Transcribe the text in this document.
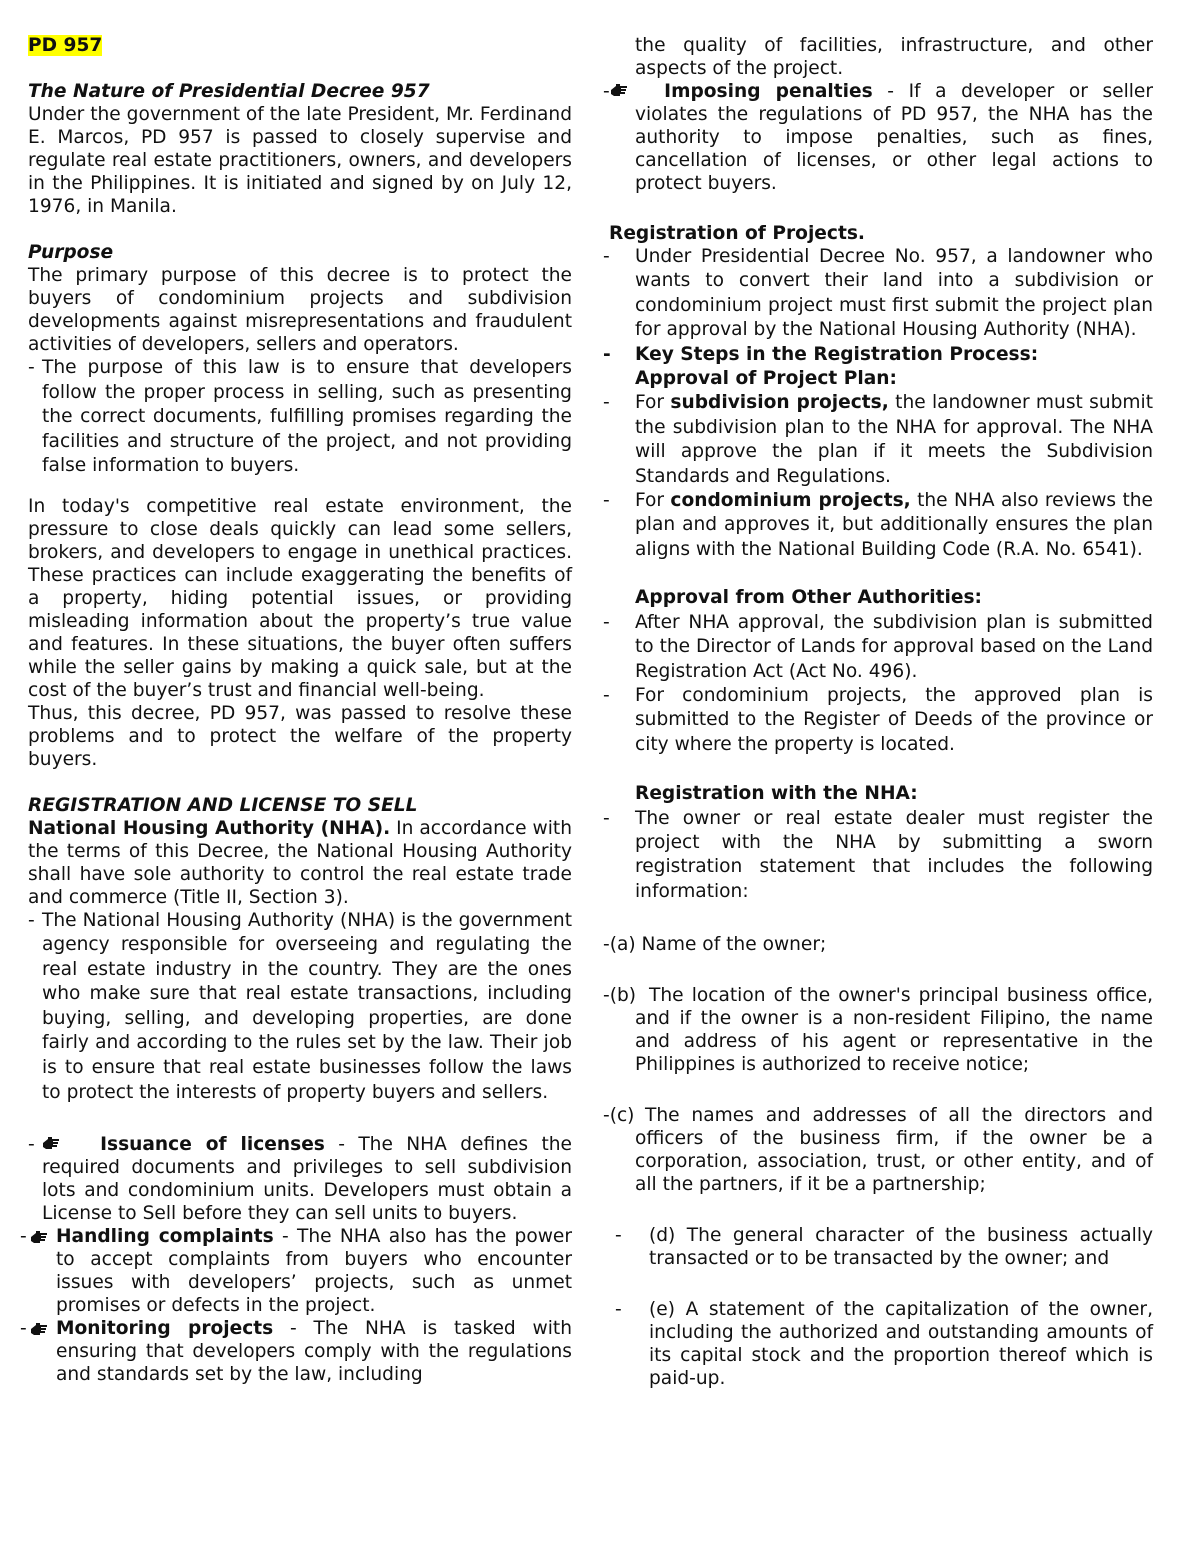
PD 957

The Nature of Presidential Decree 957

Under the government of the late President, Mr. Ferdinand E. Marcos, PD 957 is passed to closely supervise and regulate real estate practitioners, owners, and developers in the Philippines. It is initiated and signed by on July 12, 1976, in Manila.

Purpose

The primary purpose of this decree is to protect the buyers of condominium projects and subdivision developments against misrepresentations and fraudulent activities of developers, sellers and operators.

- The purpose of this law is to ensure that developers follow the proper process in selling, such as presenting the correct documents, fulfilling promises regarding the facilities and structure of the project, and not providing false information to buyers.

In today's competitive real estate environment, the pressure to close deals quickly can lead some sellers, brokers, and developers to engage in unethical practices. These practices can include exaggerating the benefits of a property, hiding potential issues, or providing misleading information about the property’s true value and features. In these situations, the buyer often suffers while the seller gains by making a quick sale, but at the cost of the buyer’s trust and financial well-being.

Thus, this decree, PD 957, was passed to resolve these problems and to protect the welfare of the property buyers.

REGISTRATION AND LICENSE TO SELL

National Housing Authority (NHA). In accordance with the terms of this Decree, the National Housing Authority shall have sole authority to control the real estate trade and commerce (Title II, Section 3).

- The National Housing Authority (NHA) is the government agency responsible for overseeing and regulating the real estate industry in the country. They are the ones who make sure that real estate transactions, including buying, selling, and developing properties, are done fairly and according to the rules set by the law. Their job is to ensure that real estate businesses follow the laws to protect the interests of property buyers and sellers.
-	Issuance of licenses - The NHA defines the required documents and privileges to sell subdivision lots and condominium units. Developers must obtain a License to Sell before they can sell units to buyers.
- Handling complaints - The NHA also has the power to accept complaints from buyers who encounter issues with developers’ projects, such as unmet promises or defects in the project.
- Monitoring projects - The NHA is tasked with ensuring that developers comply with the regulations and standards set by the law, including

the quality of facilities, infrastructure, and other aspects of the project.

-	Imposing penalties - If a developer or seller violates the regulations of PD 957, the NHA has the authority to impose penalties, such as fines, cancellation of licenses, or other legal actions to protect buyers.

Registration of Projects.

- Under Presidential Decree No. 957, a landowner who wants to convert their land into a subdivision or condominium project must first submit the project plan for approval by the National Housing Authority (NHA).
- Key Steps in the Registration Process:
Approval of Project Plan:
- For subdivision projects, the landowner must submit the subdivision plan to the NHA for approval. The NHA will approve the plan if it meets the Subdivision Standards and Regulations.
- For condominium projects, the NHA also reviews the plan and approves it, but additionally ensures the plan aligns with the National Building Code (R.A. No. 6541).

Approval from Other Authorities:

- After NHA approval, the subdivision plan is submitted to the Director of Lands for approval based on the Land Registration Act (Act No. 496).
- For condominium projects, the approved plan is submitted to the Register of Deeds of the province or city where the property is located.

Registration with the NHA:

- The owner or real estate dealer must register the project with the NHA by submitting a sworn registration statement that includes the following information:
-(a) Name of the owner;
-(b) The location of the owner's principal business office, and if the owner is a non-resident Filipino, the name and address of his agent or representative in the Philippines is authorized to receive notice;
-(c) The names and addresses of all the directors and officers of the business firm, if the owner be a corporation, association, trust, or other entity, and of all the partners, if it be a partnership;
- (d) The general character of the business actually transacted or to be transacted by the owner; and
- (e) A statement of the capitalization of the owner, including the authorized and outstanding amounts of its capital stock and the proportion thereof which is paid-up.
